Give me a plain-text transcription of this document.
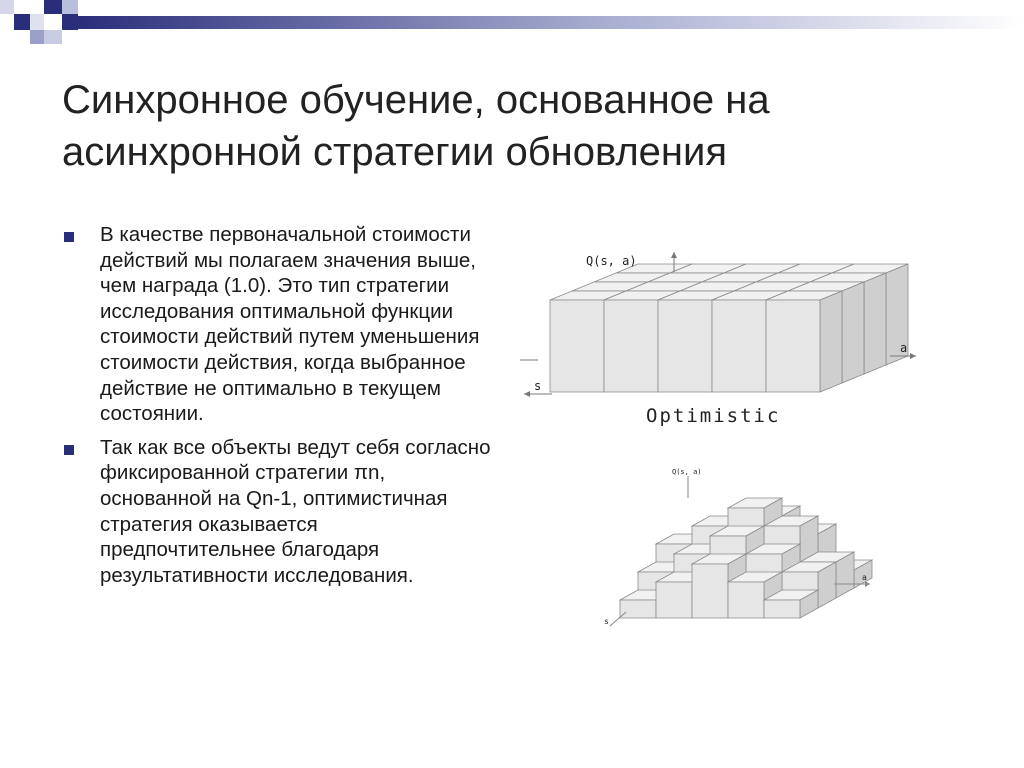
Синхронное обучение, основанное на
асинхронной стратегии обновления
В качестве первоначальной стоимости действий мы полагаем значения выше, чем награда (1.0). Это тип стратегии исследования оптимальной функции стоимости действий путем уменьшения стоимости действия, когда выбранное действие не оптимально в текущем состоянии.
Так как все объекты ведут себя согласно фиксированной стратегии πn, основанной на Qn-1, оптимистичная стратегия оказывается предпочтительнее благодаря результативности исследования.
Q(s, a)
a
s
Optimistic
Q(s, a)
a
s
